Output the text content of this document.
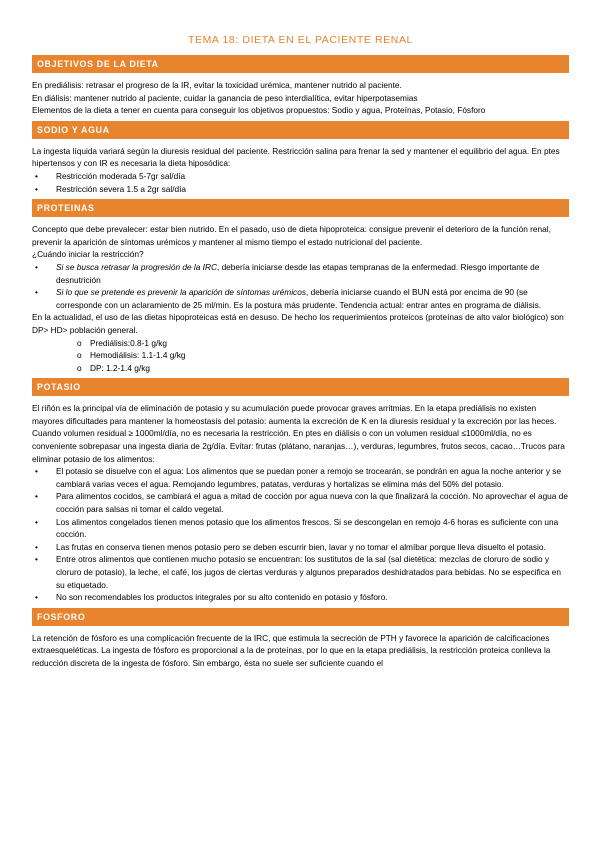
TEMA 18: DIETA EN EL PACIENTE RENAL
OBJETIVOS DE LA DIETA

En prediálisis: retrasar el progreso de la IR, evitar la toxicidad urémica, mantener nutrido al paciente.

En diálisis: mantener nutrido al paciente, cuidar la ganancia de peso interdialítica, evitar hiperpotasemias

Elementos de la dieta a tener en cuenta para conseguir los objetivos propuestos: Sodio y agua, Proteínas, Potasio, Fósforo

SODIO Y AGUA

La ingesta líquida variará según la diuresis residual del paciente. Restricción salina para frenar la sed y mantener el equilibrio del agua. En ptes hipertensos y con IR es necesaria la dieta hiposódica:

• Restricción moderada 5-7gr sal/día
• Restricción severa 1.5 a 2gr sal/día
PROTEINAS

Concepto que debe prevalecer: estar bien nutrido. En el pasado, uso de dieta hipoproteica: consigue prevenir el deterioro de la función renal, prevenir la aparición de síntomas urémicos y mantener al mismo tiempo el estado nutricional del paciente.

¿Cuándo iniciar la restricción?

• Si se busca retrasar la progresión de la IRC, debería iniciarse desde las etapas tempranas de la enfermedad. Riesgo importante de desnutrición
• Si lo que se pretende es prevenir la aparición de síntomas urémicos, debería iniciarse cuando el BUN está por encima de 90 (se corresponde con un aclaramiento de 25 ml/min. Es la postura más prudente. Tendencia actual: entrar antes en programa de diálisis.

En la actualidad, el uso de las dietas hipoproteicas está en desuso. De hecho los requerimientos proteicos (proteínas de alto valor biológico) son DP> HD> población general.

o Prediálisis:0.8-1 g/kg
o Hemodiálisis: 1.1-1.4 g/kg
o DP: 1.2-1.4 g/kg
POTASIO

El riñón es la principal vía de eliminación de potasio y su acumulación puede provocar graves arritmias. En la etapa prediálisis no existen mayores dificultades para mantener la homeostasis del potasio: aumenta la excreción de K en la diuresis residual y la excreción por las heces. Cuando volumen residual ≥ 1000ml/día, no es necesaria la restricción. En ptes en diálisis o con un volumen residual ≤1000ml/día, no es conveniente sobrepasar una ingesta diaria de 2g/día. Evitar: frutas (plátano, naranjas…), verduras, legumbres, frutos secos, cacao…Trucos para eliminar potasio de los alimentos:

• El potasio se disuelve con el agua: Los alimentos que se puedan poner a remojo se trocearán, se pondrán en agua la noche anterior y se cambiará varias veces el agua. Remojando legumbres, patatas, verduras y hortalizas se elimina más del 50% del potasio.
• Para alimentos cocidos, se cambiará el agua a mitad de cocción por agua nueva con la que finalizará la cocción. No aprovechar el agua de cocción para salsas ni tomar el caldo vegetal.
• Los alimentos congelados tienen menos potasio que los alimentos frescos. Si se descongelan en remojo 4-6 horas es suficiente con una cocción.
• Las frutas en conserva tienen menos potasio pero se deben escurrir bien, lavar y no tomar el almíbar porque lleva disuelto el potasio.
• Entre otros alimentos que contienen mucho potasio se encuentran: los sustitutos de la sal (sal dietética: mezclas de cloruro de sodio y cloruro de potasio), la leche, el café, los jugos de ciertas verduras y algunos preparados deshidratados para bebidas. No se especifica en su etiquetado.
• No son recomendables los productos integrales por su alto contenido en potasio y fósforo.
FOSFORO

La retención de fósforo es una complicación frecuente de la IRC, que estimula la secreción de PTH y favorece la aparición de calcificaciones extraesqueléticas. La ingesta de fósforo es proporcional a la de proteínas, por lo que en la etapa prediálisis, la restricción proteica conlleva la reducción discreta de la ingesta de fósforo. Sin embargo, ésta no suele ser suficiente cuando el
